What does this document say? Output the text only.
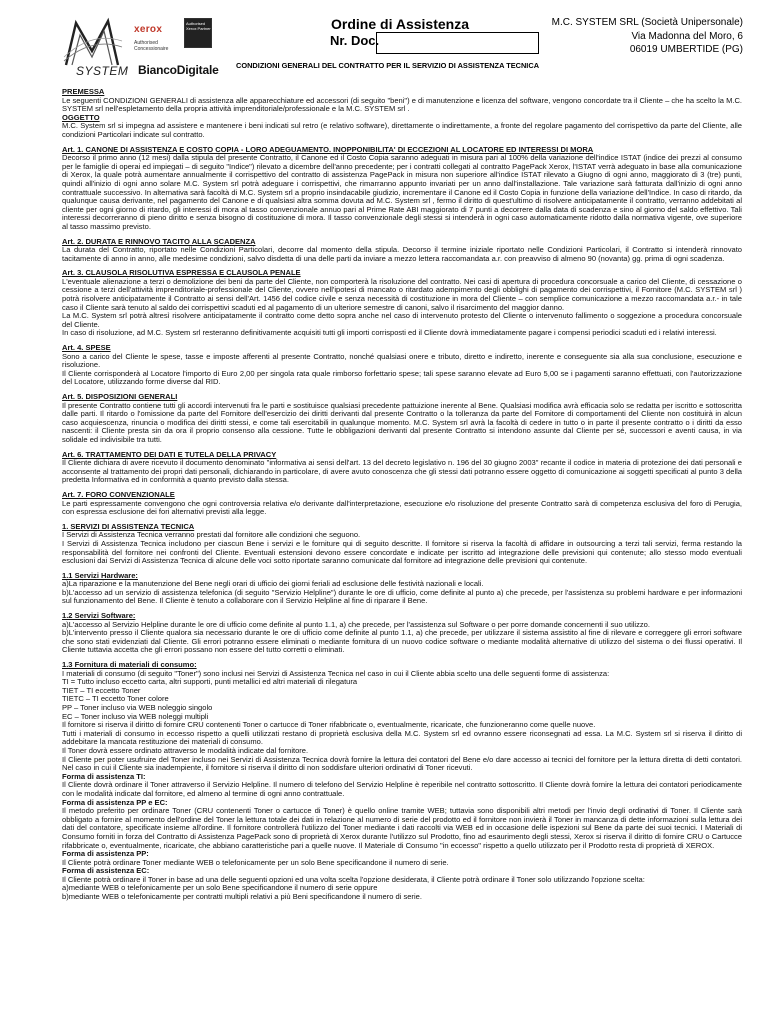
SYSTEM
xerox
Authorised Concessionaire
Authorised Xerox Partner
BiancoDigitale
Ordine di Assistenza
Nr. Doc.
M.C. SYSTEM SRL (Società Unipersonale)
Via Madonna del Moro, 6
06019 UMBERTIDE (PG)
CONDIZIONI GENERALI DEL CONTRATTO PER IL SERVIZIO DI ASSISTENZA TECNICA
PREMESSA

Le seguenti CONDIZIONI GENERALI di assistenza alle apparecchiature ed accessori (di seguito "beni") e di manutenzione e licenza del software, vengono concordate tra il Cliente – che ha scelto la M.C. SYSTEM srl nell'espletamento della propria attività imprenditoriale/professionale e la M.C. SYSTEM srl .

OGGETTO

M.C. System srl si impegna ad assistere e mantenere i beni indicati sul retro (e relativo software), direttamente o indirettamente, a fronte del regolare pagamento del corrispettivo da parte del Cliente, alle condizioni Particolari indicate sul contratto.

Art. 1. CANONE DI ASSISTENZA E COSTO COPIA - LORO ADEGUAMENTO. INOPPONIBILITA' DI ECCEZIONI AL LOCATORE ED INTERESSI DI MORA

Decorso il primo anno (12 mesi) dalla stipula del presente Contratto, il Canone ed il Costo Copia saranno adeguati in misura pari al 100% della variazione dell'indice ISTAT (indice dei prezzi al consumo per le famiglie di operai ed impiegati – di seguito "Indice") rilevato a dicembre dell'anno precedente; per i contratti collegati al contratto PagePack Xerox, l'ISTAT verrà adeguato in base alla comunicazione di Xerox, la quale potrà aumentare annualmente il corrispettivo del contratto di assistenza PagePack in misura non superiore all'indice ISTAT rilevato a Giugno di ogni anno, maggiorato di 3 (tre) punti, quindi all'inizio di ogni anno solare M.C. System srl potrà adeguare i corrispettivi, che rimarranno appunto invariati per un anno dall'installazione. Tale variazione sarà fatturata dall'inizio di ogni anno contrattuale successivo. In alternativa sarà facoltà di M.C. System srl a proprio insindacabile giudizio, incrementare il Canone ed il Costo Copia in funzione della variazione dell'Indice. In caso di ritardo, da qualunque causa derivante, nel pagamento del Canone e di qualsiasi altra somma dovuta ad M.C. System srl , fermo il diritto di quest'ultimo di risolvere anticipatamente il contratto, verranno addebitati al cliente per ogni giorno di ritardo, gli interessi di mora al tasso convenzionale annuo pari al Prime Rate ABI maggiorato di 7 punti a decorrere dalla data di scadenza e sino al giorno del saldo effettivo. Tali interessi decorreranno di pieno diritto e senza bisogno di costituzione di mora. Il tasso convenzionale degli stessi si intenderà in ogni caso automaticamente ridotto dalla normativa vigente, ove superiore al tasso massimo previsto.

Art. 2. DURATA E RINNOVO TACITO ALLA SCADENZA

La durata del Contratto, riportato nelle Condizioni Particolari, decorre dal momento della stipula. Decorso il termine iniziale riportato nelle Condizioni Particolari, il Contratto si intenderà rinnovato tacitamente di anno in anno, alle medesime condizioni, salvo disdetta di una delle parti da inviare a mezzo lettera raccomandata a.r. con preavviso di almeno 90 (novanta) gg. prima di ogni scadenza.

Art. 3. CLAUSOLA RISOLUTIVA ESPRESSA E CLAUSOLA PENALE

L'eventuale alienazione a terzi o demolizione dei beni da parte del Cliente, non comporterà la risoluzione del contratto. Nei casi di apertura di procedura concorsuale a carico del Cliente, di cessazione o cessione a terzi dell'attività imprenditoriale-professionale del Cliente, ovvero nell'ipotesi di mancato o ritardato adempimento degli obblighi di pagamento dei corrispettivi, il Fornitore (M.C. SYSTEM srl ) potrà risolvere anticipatamente il Contratto ai sensi dell'Art. 1456 del codice civile e senza necessità di costituzione in mora del Cliente – con semplice comunicazione a mezzo raccomandata a.r.- in tale caso il Cliente sarà tenuto al saldo dei corrispettivi scaduti ed al pagamento di un ulteriore semestre di canoni, salvo il risarcimento del maggior danno.

La M.C. System srl potrà altresì risolvere anticipatamente il contratto come detto sopra anche nel caso di intervenuto protesto del Cliente o intervenuto fallimento o soggezione a procedura concorsuale del Cliente.

In caso di risoluzione, ad M.C. System srl resteranno definitivamente acquisiti tutti gli importi corrisposti ed il Cliente dovrà immediatamente pagare i compensi periodici scaduti ed i relativi interessi.

Art. 4. SPESE

Sono a carico del Cliente le spese, tasse e imposte afferenti al presente Contratto, nonché qualsiasi onere e tributo, diretto e indiretto, inerente e conseguente sia alla sua conclusione, esecuzione e risoluzione.

Il Cliente corrisponderà al Locatore l'importo di Euro 2,00 per singola rata quale rimborso forfettario spese; tali spese saranno elevate ad Euro 5,00 se i pagamenti saranno effettuati, con l'autorizzazione del Locatore, utilizzando forme diverse dal RID.

Art. 5. DISPOSIZIONI GENERALI

Il presente Contratto contiene tutti gli accordi intervenuti fra le parti e sostituisce qualsiasi precedente pattuizione inerente al Bene. Qualsiasi modifica avrà efficacia solo se redatta per iscritto e sottoscritta dalle parti. Il ritardo o l'omissione da parte del Fornitore dell'esercizio dei diritti derivanti dal presente Contratto o la tolleranza da parte del Fornitore di comportamenti del Cliente non costituirà in alcun caso acquiescenza, rinuncia o modifica dei diritti stessi, e come tali esercitabili in qualunque momento. M.C. System srl avrà la facoltà di cedere in tutto o in parte il presente contratto o i diritti da esso nascenti: il Cliente presta sin da ora il proprio consenso alla cessione. Tutte le obbligazioni derivanti dal presente Contratto si intendono assunte dal Cliente per sé, successori e aventi causa, in via solidale ed indivisibile tra tutti.

Art. 6. TRATTAMENTO DEI DATI E TUTELA DELLA PRIVACY

Il Cliente dichiara di avere ricevuto il documento denominato "informativa ai sensi dell'art. 13 del decreto legislativo n. 196 del 30 giugno 2003" recante il codice in materia di protezione dei dati personali e acconsente al trattamento dei propri dati personali, dichiarando in particolare, di avere avuto conoscenza che gli stessi dati potranno essere oggetto di comunicazione ai soggetti specificati al punto 3 della predetta Informativa ed in conformità a quanto previsto dalla stessa.

Art. 7. FORO CONVENZIONALE

Le parti espressamente convengono che ogni controversia relativa e/o derivante dall'interpretazione, esecuzione e/o risoluzione del presente Contratto sarà di competenza esclusiva del foro di Perugia, con espressa esclusione dei fori alternativi previsti alla legge.

1. SERVIZI DI ASSISTENZA TECNICA

I Servizi di Assistenza Tecnica verranno prestati dal fornitore alle condizioni che seguono.

I Servizi di Assistenza Tecnica includono per ciascun Bene i servizi e le forniture qui di seguito descritte. Il fornitore si riserva la facoltà di affidare in outsourcing a terzi tali servizi, ferma restando la responsabilità del fornitore nei confronti del Cliente. Eventuali estensioni devono essere concordate e indicate per iscritto ad integrazione delle previsioni qui contenute; allo stesso modo eventuali esclusioni dai Servizi di Assistenza Tecnica di alcune delle voci sotto riportate saranno comunicate dal fornitore ad integrazione delle previsioni qui contenute.

1.1 Servizi Hardware:

a)La riparazione e la manutenzione del Bene negli orari di ufficio dei giorni feriali ad esclusione delle festività nazionali e locali.

b)L'accesso ad un servizio di assistenza telefonica (di seguito "Servizio Helpline") durante le ore di ufficio, come definite al punto a) che precede, per l'assistenza su problemi hardware e per informazioni sul funzionamento del Bene. Il Cliente è tenuto a collaborare con il Servizio Helpline al fine di riparare il Bene.

1.2 Servizi Software:

a)L'accesso al Servizio Helpline durante le ore di ufficio come definite al punto 1.1, a) che precede, per l'assistenza sul Software o per porre domande concernenti il suo utilizzo.

b)L'intervento presso il Cliente qualora sia necessario durante le ore di ufficio come definite al punto 1.1, a) che precede, per utilizzare il sistema assistito al fine di rilevare e correggere gli errori software che sono stati evidenziati dal Cliente. Gli errori potranno essere eliminati o mediante fornitura di un nuovo codice software o mediante modalità alternative di utilizzo del sistema o dei flussi operativi. Il Cliente tuttavia accetta che gli errori possano non essere del tutto corretti o eliminati.

1.3 Fornitura di materiali di consumo:

I materiali di consumo (di seguito "Toner") sono inclusi nei Servizi di Assistenza Tecnica nel caso in cui il Cliente abbia scelto una delle seguenti forme di assistenza:

TI = Tutto incluso eccetto carta, altri supporti, punti metallici ed altri materiali di rilegatura

TIET – TI eccetto Toner

TIETC – TI eccetto Toner colore

PP – Toner incluso via WEB noleggio singolo

EC – Toner incluso via WEB noleggi multipli

Il fornitore si riserva il diritto di fornire CRU contenenti Toner o cartucce di Toner rifabbricate o, eventualmente, ricaricate, che funzioneranno come quelle nuove.

Tutti i materiali di consumo in eccesso rispetto a quelli utilizzati restano di proprietà esclusiva della M.C. System srl ed ovranno essere riconsegnati ad essa. La M.C. System srl si riserva il diritto di addebitare la mancata restituzione dei materiali di consumo.

Il Toner dovrà essere ordinato attraverso le modalità indicate dal fornitore.

Il Cliente per poter usufruire del Toner incluso nei Servizi di Assistenza Tecnica dovrà fornire la lettura dei contatori del Bene e/o dare accesso ai tecnici del fornitore per la lettura diretta di detti contatori. Nel caso in cui il Cliente sia inadempiente, il fornitore si riserva il diritto di non soddisfare ulteriori ordinativi di Toner ricevuti.

Forma di assistenza TI:

Il Cliente dovrà ordinare il Toner attraverso il Servizio Helpline. Il numero di telefono del Servizio Helpline è reperibile nel contratto sottoscritto. Il Cliente dovrà fornire la lettura dei contatori periodicamente con le modalità indicate dal fornitore, ed almeno al termine di ogni anno contrattuale.

Forma di assistenza PP e EC:

Il metodo preferito per ordinare Toner (CRU contenenti Toner o cartucce di Toner) è quello online tramite WEB; tuttavia sono disponibili altri metodi per l'invio degli ordinativi di Toner. Il Cliente sarà obbligato a fornire al momento dell'ordine del Toner la lettura totale dei dati in relazione al numero di serie del prodotto ed il fornitore non invierà il Toner in mancanza di dette informazioni sulla lettura dei dati del contatore, specificate insieme all'ordine. Il fornitore controllerà l'utilizzo del Toner mediante i dati raccolti via WEB ed in occasione delle ispezioni sul Bene da parte dei suoi tecnici. I Materiali di Consumo forniti in forza del Contratto di Assistenza PagePack sono di proprietà di Xerox durante l'utilizzo sul Prodotto, fino ad esaurimento degli stessi, Xerox si riserva il diritto di fornire CRU o Cartucce rifabbricate o, eventualmente, ricaricate, che abbiano caratteristiche pari a quelle nuove. Il Materiale di Consumo "in eccesso" rispetto a quello utilizzato per il Prodotto resta di proprietà di XEROX.

Forma di assistenza PP:

Il Cliente potrà ordinare Toner mediante WEB o telefonicamente per un solo Bene specificandone il numero di serie.

Forma di assistenza EC:

Il Cliente potrà ordinare il Toner in base ad una delle seguenti opzioni ed una volta scelta l'opzione desiderata, il Cliente potrà ordinare il Toner solo utilizzando l'opzione scelta:

a)mediante WEB o telefonicamente per un solo Bene specificandone il numero di serie oppure

b)mediante WEB o telefonicamente per contratti multipli relativi a più Beni specificandone il numero di serie.
